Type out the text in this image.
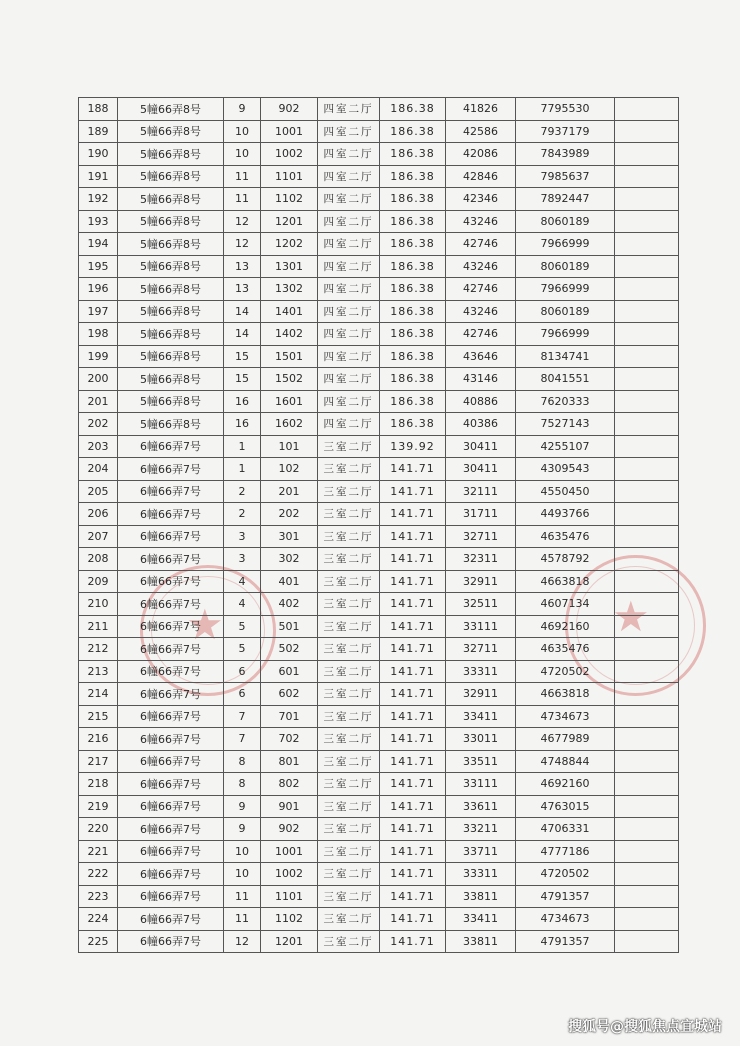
★	★
188	5幢66弄8号	9	902	四室二厅	186.38	41826	7795530	
189	5幢66弄8号	10	1001	四室二厅	186.38	42586	7937179	
190	5幢66弄8号	10	1002	四室二厅	186.38	42086	7843989	
191	5幢66弄8号	11	1101	四室二厅	186.38	42846	7985637	
192	5幢66弄8号	11	1102	四室二厅	186.38	42346	7892447	
193	5幢66弄8号	12	1201	四室二厅	186.38	43246	8060189	
194	5幢66弄8号	12	1202	四室二厅	186.38	42746	7966999	
195	5幢66弄8号	13	1301	四室二厅	186.38	43246	8060189	
196	5幢66弄8号	13	1302	四室二厅	186.38	42746	7966999	
197	5幢66弄8号	14	1401	四室二厅	186.38	43246	8060189	
198	5幢66弄8号	14	1402	四室二厅	186.38	42746	7966999	
199	5幢66弄8号	15	1501	四室二厅	186.38	43646	8134741	
200	5幢66弄8号	15	1502	四室二厅	186.38	43146	8041551	
201	5幢66弄8号	16	1601	四室二厅	186.38	40886	7620333	
202	5幢66弄8号	16	1602	四室二厅	186.38	40386	7527143	
203	6幢66弄7号	1	101	三室二厅	139.92	30411	4255107	
204	6幢66弄7号	1	102	三室二厅	141.71	30411	4309543	
205	6幢66弄7号	2	201	三室二厅	141.71	32111	4550450	
206	6幢66弄7号	2	202	三室二厅	141.71	31711	4493766	
207	6幢66弄7号	3	301	三室二厅	141.71	32711	4635476	
208	6幢66弄7号	3	302	三室二厅	141.71	32311	4578792	
209	6幢66弄7号	4	401	三室二厅	141.71	32911	4663818	
210	6幢66弄7号	4	402	三室二厅	141.71	32511	4607134	
211	6幢66弄7号	5	501	三室二厅	141.71	33111	4692160	
212	6幢66弄7号	5	502	三室二厅	141.71	32711	4635476	
213	6幢66弄7号	6	601	三室二厅	141.71	33311	4720502	
214	6幢66弄7号	6	602	三室二厅	141.71	32911	4663818	
215	6幢66弄7号	7	701	三室二厅	141.71	33411	4734673	
216	6幢66弄7号	7	702	三室二厅	141.71	33011	4677989	
217	6幢66弄7号	8	801	三室二厅	141.71	33511	4748844	
218	6幢66弄7号	8	802	三室二厅	141.71	33111	4692160	
219	6幢66弄7号	9	901	三室二厅	141.71	33611	4763015	
220	6幢66弄7号	9	902	三室二厅	141.71	33211	4706331	
221	6幢66弄7号	10	1001	三室二厅	141.71	33711	4777186	
222	6幢66弄7号	10	1002	三室二厅	141.71	33311	4720502	
223	6幢66弄7号	11	1101	三室二厅	141.71	33811	4791357	
224	6幢66弄7号	11	1102	三室二厅	141.71	33411	4734673	
225	6幢66弄7号	12	1201	三室二厅	141.71	33811	4791357	
搜狐号@搜狐焦点宜城站
